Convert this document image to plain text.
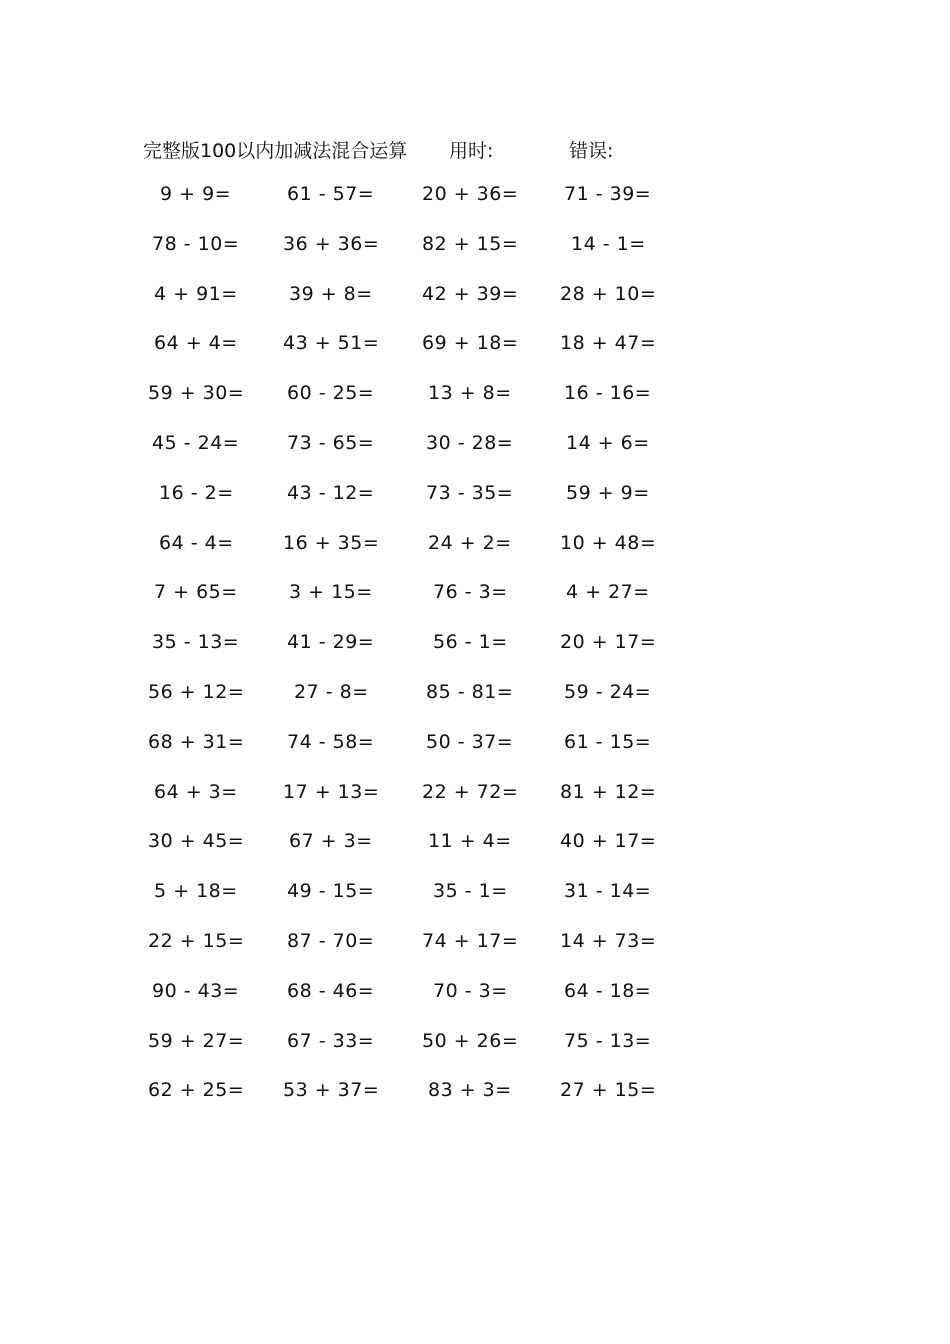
完整版100以内加减法混合运算 用时:	错误:
9 + 9=	61 - 57=	20 + 36= 71 - 39=
78 - 10= 36 + 36= 82 + 15=	14 - 1=
4 + 91=	39 + 8=	42 + 39= 28 + 10=
64 + 4= 43 + 51= 69 + 18= 18 + 47=
59 + 30= 60 - 25=	13 + 8=	16 - 16=
45 - 24=	73 - 65=	30 - 28=	14 + 6=
16 - 2=	43 - 12=	73 - 35=	59 + 9=
64 - 4=	16 + 35=	24 + 2=	10 + 48=
7 + 65=	3 + 15=	76 - 3=	4 + 27=
35 - 13=	41 - 29=	56 - 1=	20 + 17=
56 + 12=	27 - 8=	85 - 81=	59 - 24=
68 + 31= 74 - 58=	50 - 37=	61 - 15=
64 + 3= 17 + 13= 22 + 72= 81 + 12=
30 + 45= 67 + 3=	11 + 4=	40 + 17=
5 + 18=	49 - 15=	35 - 1=	31 - 14=
22 + 15= 87 - 70=	74 + 17= 14 + 73=
90 - 43=	68 - 46=	70 - 3=	64 - 18=
59 + 27= 67 - 33=	50 + 26= 75 - 13=
62 + 25= 53 + 37=	83 + 3=	27 + 15=
